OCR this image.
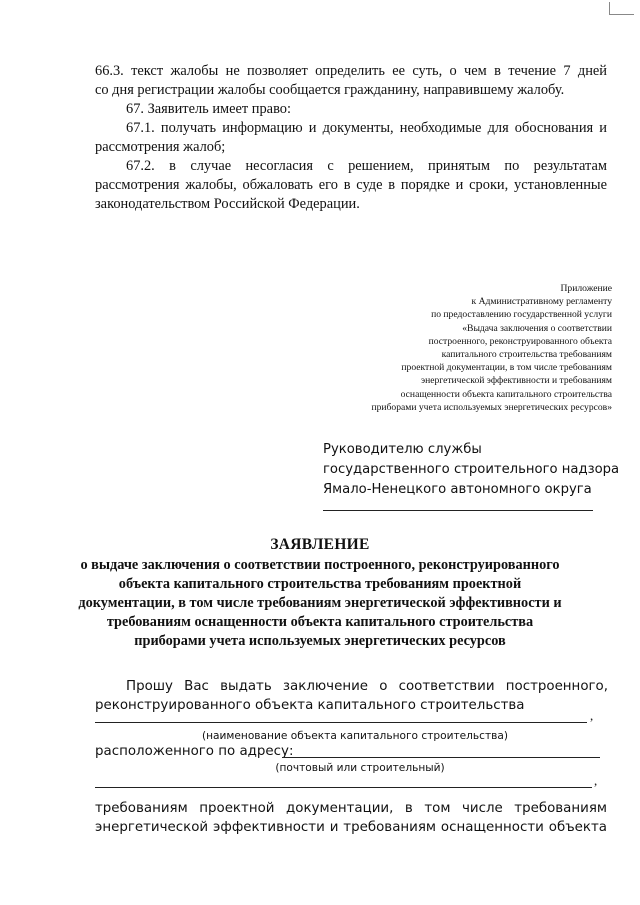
66.3. текст жалобы не позволяет определить ее суть, о чем в течение 7 дней

со дня регистрации жалобы сообщается гражданину, направившему жалобу.

67. Заявитель имеет право:

67.1. получать информацию и документы, необходимые для обоснования и

рассмотрения жалоб;

67.2. в случае несогласия с решением, принятым по результатам

рассмотрения жалобы, обжаловать его в суде в порядке и сроки, установленные

законодательством Российской Федерации.

Приложение
к Административному регламенту
по предоставлению государственной услуги
«Выдача заключения о соответствии
построенного, реконструированного объекта
капитального строительства требованиям
проектной документации, в том числе требованиям
энергетической эффективности и требованиям
оснащенности объекта капитального строительства
приборами учета используемых энергетических ресурсов»
Руководителю службы
государственного строительного надзора
Ямало-Ненецкого автономного округа
ЗАЯВЛЕНИЕ
о выдаче заключения о соответствии построенного, реконструированного
объекта капитального строительства требованиям проектной
документации, в том числе требованиям энергетической эффективности и
требованиям оснащенности объекта капитального строительства
приборами учета используемых энергетических ресурсов

Прошу Вас выдать заключение о соответствии построенного,

реконструированного объекта капитального строительства

,
(наименование объекта капитального строительства)

расположенного по адресу:

(почтовый или строительный)
,

требованиям проектной документации, в том числе требованиям

энергетической эффективности и требованиям оснащенности объекта
